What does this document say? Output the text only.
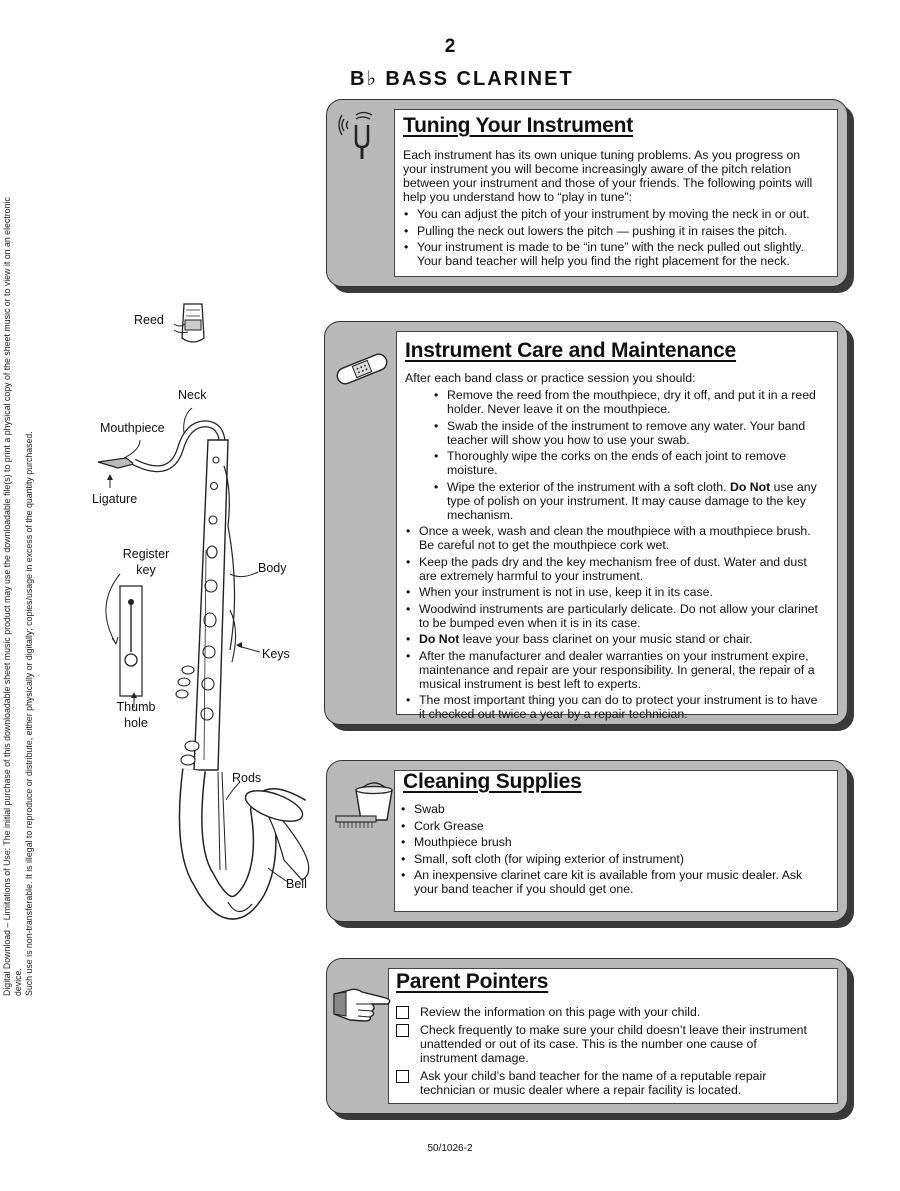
2
B♭ BASS CLARINET
Digital Download – Limitations of Use: The initial purchase of this downloadable sheet music product may use the downloadable file(s) to print a physical copy of the sheet music or to view it on an electronic device. Such use is non-transferable. It is illegal to reproduce or distribute, either physically or digitally; copies/usage in excess of the quantity purchased.
Tuning Your Instrument
Each instrument has its own unique tuning problems. As you progress on your instrument you will become increasingly aware of the pitch relation between your instrument and those of your friends. The following points will help you understand how to “play in tune”:
• You can adjust the pitch of your instrument by moving the neck in or out.
• Pulling the neck out lowers the pitch — pushing it in raises the pitch.
• Your instrument is made to be “in tune” with the neck pulled out slightly. Your band teacher will help you find the right placement for the neck.
Instrument Care and Maintenance
After each band class or practice session you should:
• Remove the reed from the mouthpiece, dry it off, and put it in a reed holder. Never leave it on the mouthpiece.
• Swab the inside of the instrument to remove any water. Your band teacher will show you how to use your swab.
• Thoroughly wipe the corks on the ends of each joint to remove moisture.
• Wipe the exterior of the instrument with a soft cloth. Do Not use any type of polish on your instrument. It may cause damage to the key mechanism.
• Once a week, wash and clean the mouthpiece with a mouthpiece brush. Be careful not to get the mouthpiece cork wet.
• Keep the pads dry and the key mechanism free of dust. Water and dust are extremely harmful to your instrument.
• When your instrument is not in use, keep it in its case.
• Woodwind instruments are particularly delicate. Do not allow your clarinet to be bumped even when it is in its case.
• Do Not leave your bass clarinet on your music stand or chair.
• After the manufacturer and dealer warranties on your instrument expire, maintenance and repair are your responsibility. In general, the repair of a musical instrument is best left to experts.
• The most important thing you can do to protect your instrument is to have it checked out twice a year by a repair technician.
Cleaning Supplies
• Swab
• Cork Grease
• Mouthpiece brush
• Small, soft cloth (for wiping exterior of instrument)
• An inexpensive clarinet care kit is available from your music dealer. Ask your band teacher if you should get one.
Parent Pointers
Review the information on this page with your child.
Check frequently to make sure your child doesn’t leave their instrument unattended or out of its case. This is the number one cause of instrument damage.
Ask your child’s band teacher for the name of a reputable repair technician or music dealer where a repair facility is located.
Reed
Neck
Mouthpiece
Ligature
Register key	Body
Keys
Thumb hole
Rods
Bell
50/1026-2
